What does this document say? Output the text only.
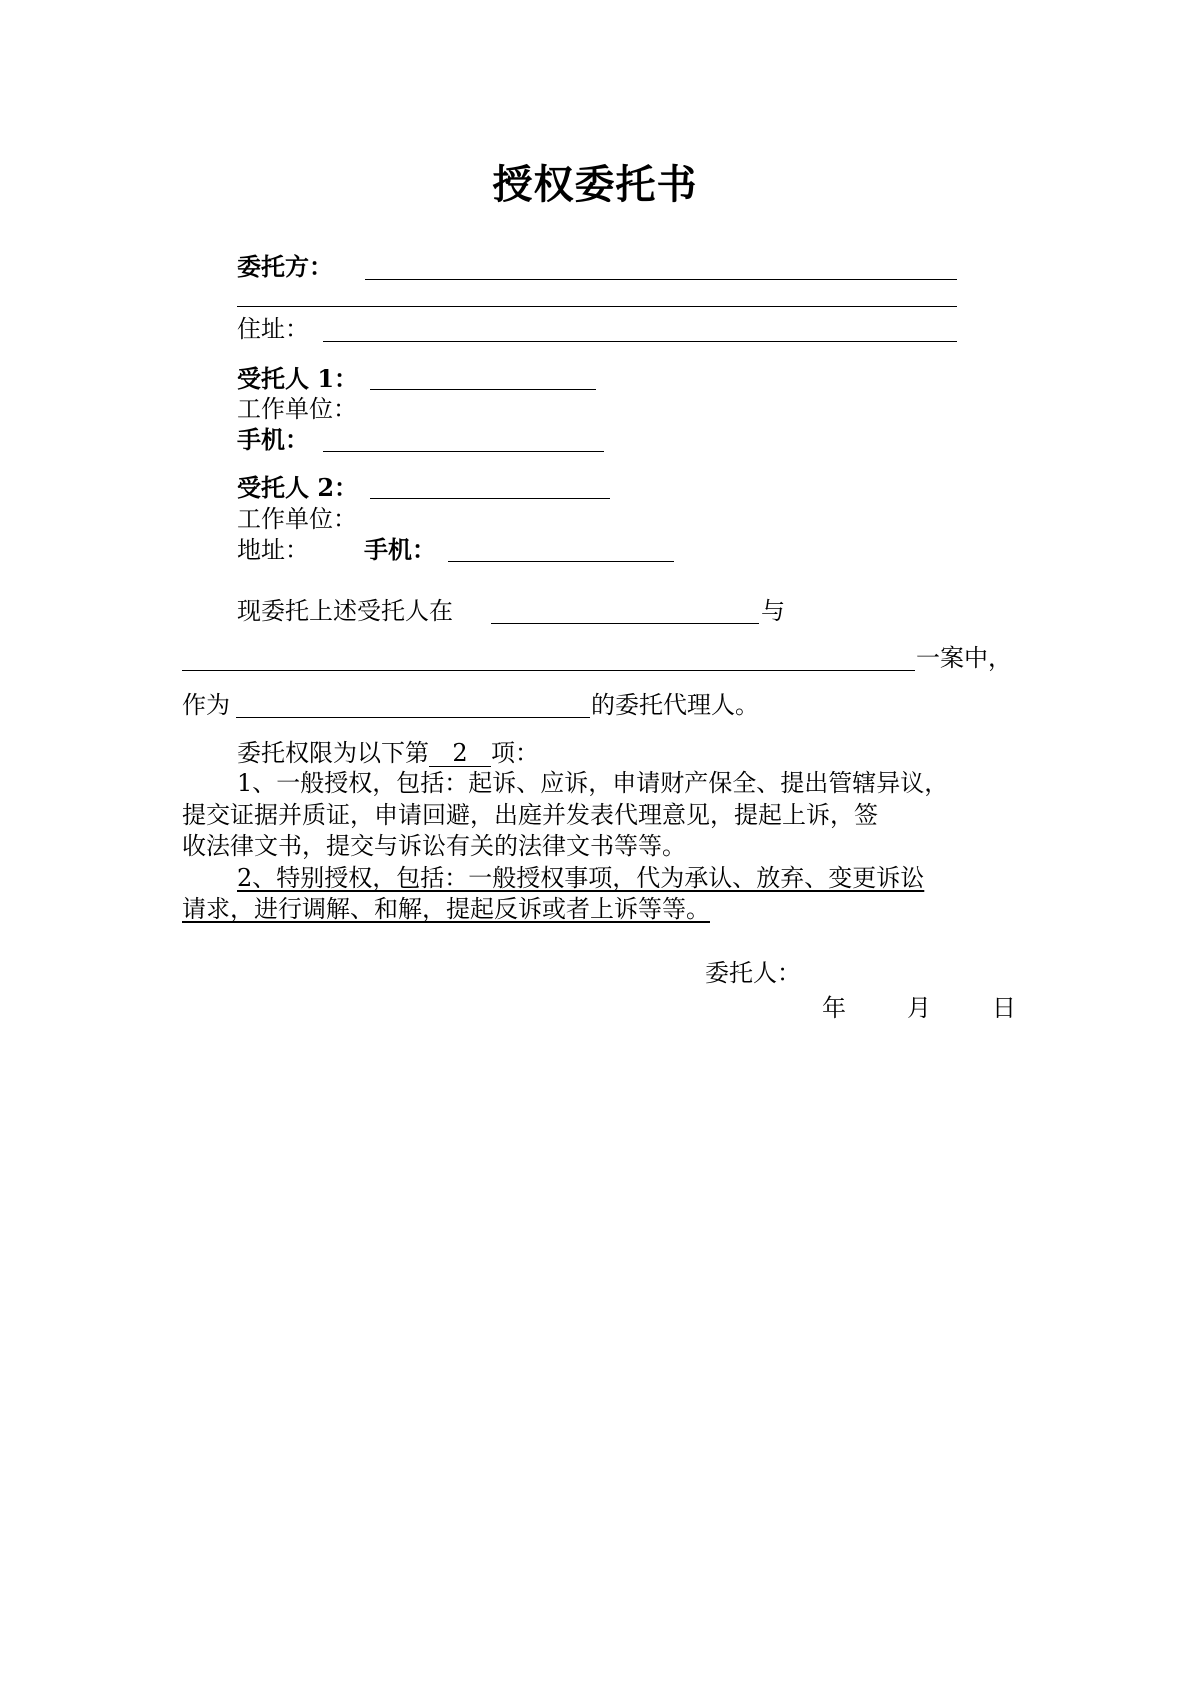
授权委托书
委托方：
住址：
受托人 1：
工作单位：
手机：
受托人 2：
工作单位：
地址： 手机：
现委托上述受托人在	与
一案中，
作为	的委托代理人。
委托权限为以下第 2 项：
1、一般授权，包括：起诉、应诉，申请财产保全、提出管辖异议，
提交证据并质证，申请回避，出庭并发表代理意见，提起上诉，签
收法律文书，提交与诉讼有关的法律文书等等。
2、特别授权，包括：一般授权事项，代为承认、放弃、变更诉讼
请求，进行调解、和解，提起反诉或者上诉等等。
委托人：
年	月	日
